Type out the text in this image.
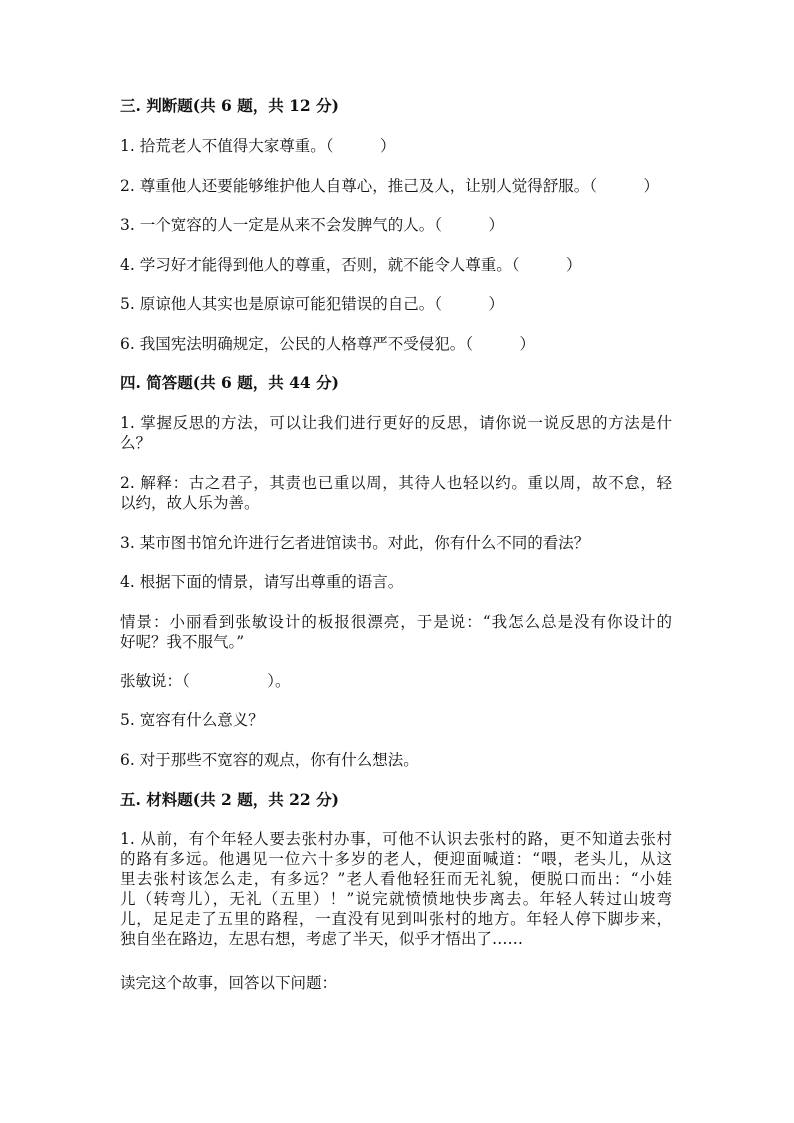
三. 判断题(共 6 题，共 12 分)
1. 拾荒老人不值得大家尊重。（　　　）
2. 尊重他人还要能够维护他人自尊心，推己及人，让别人觉得舒服。（　　　）
3. 一个宽容的人一定是从来不会发脾气的人。（　　　）
4. 学习好才能得到他人的尊重，否则，就不能令人尊重。（　　　）
5. 原谅他人其实也是原谅可能犯错误的自己。（　　　）
6. 我国宪法明确规定，公民的人格尊严不受侵犯。（　　　）
四. 简答题(共 6 题，共 44 分)
1. 掌握反思的方法，可以让我们进行更好的反思，请你说一说反思的方法是什
么？
2. 解释：古之君子，其责也已重以周，其待人也轻以约。重以周，故不怠，轻
以约，故人乐为善。
3. 某市图书馆允许进行乞者进馆读书。对此，你有什么不同的看法？
4. 根据下面的情景，请写出尊重的语言。
情景：小丽看到张敏设计的板报很漂亮，于是说：“我怎么总是没有你设计的
好呢？我不服气。”
张敏说：（　　　　　）。
5. 宽容有什么意义？
6. 对于那些不宽容的观点，你有什么想法。
五. 材料题(共 2 题，共 22 分)
1. 从前，有个年轻人要去张村办事，可他不认识去张村的路，更不知道去张村
的路有多远。他遇见一位六十多岁的老人，便迎面喊道：“喂，老头儿，从这
里去张村该怎么走，有多远？”老人看他轻狂而无礼貌，便脱口而出：“小娃
儿（转弯儿），无礼（五里）！”说完就愤愤地快步离去。年轻人转过山坡弯
儿，足足走了五里的路程，一直没有见到叫张村的地方。年轻人停下脚步来，
独自坐在路边，左思右想，考虑了半天，似乎才悟出了……
读完这个故事，回答以下问题：
